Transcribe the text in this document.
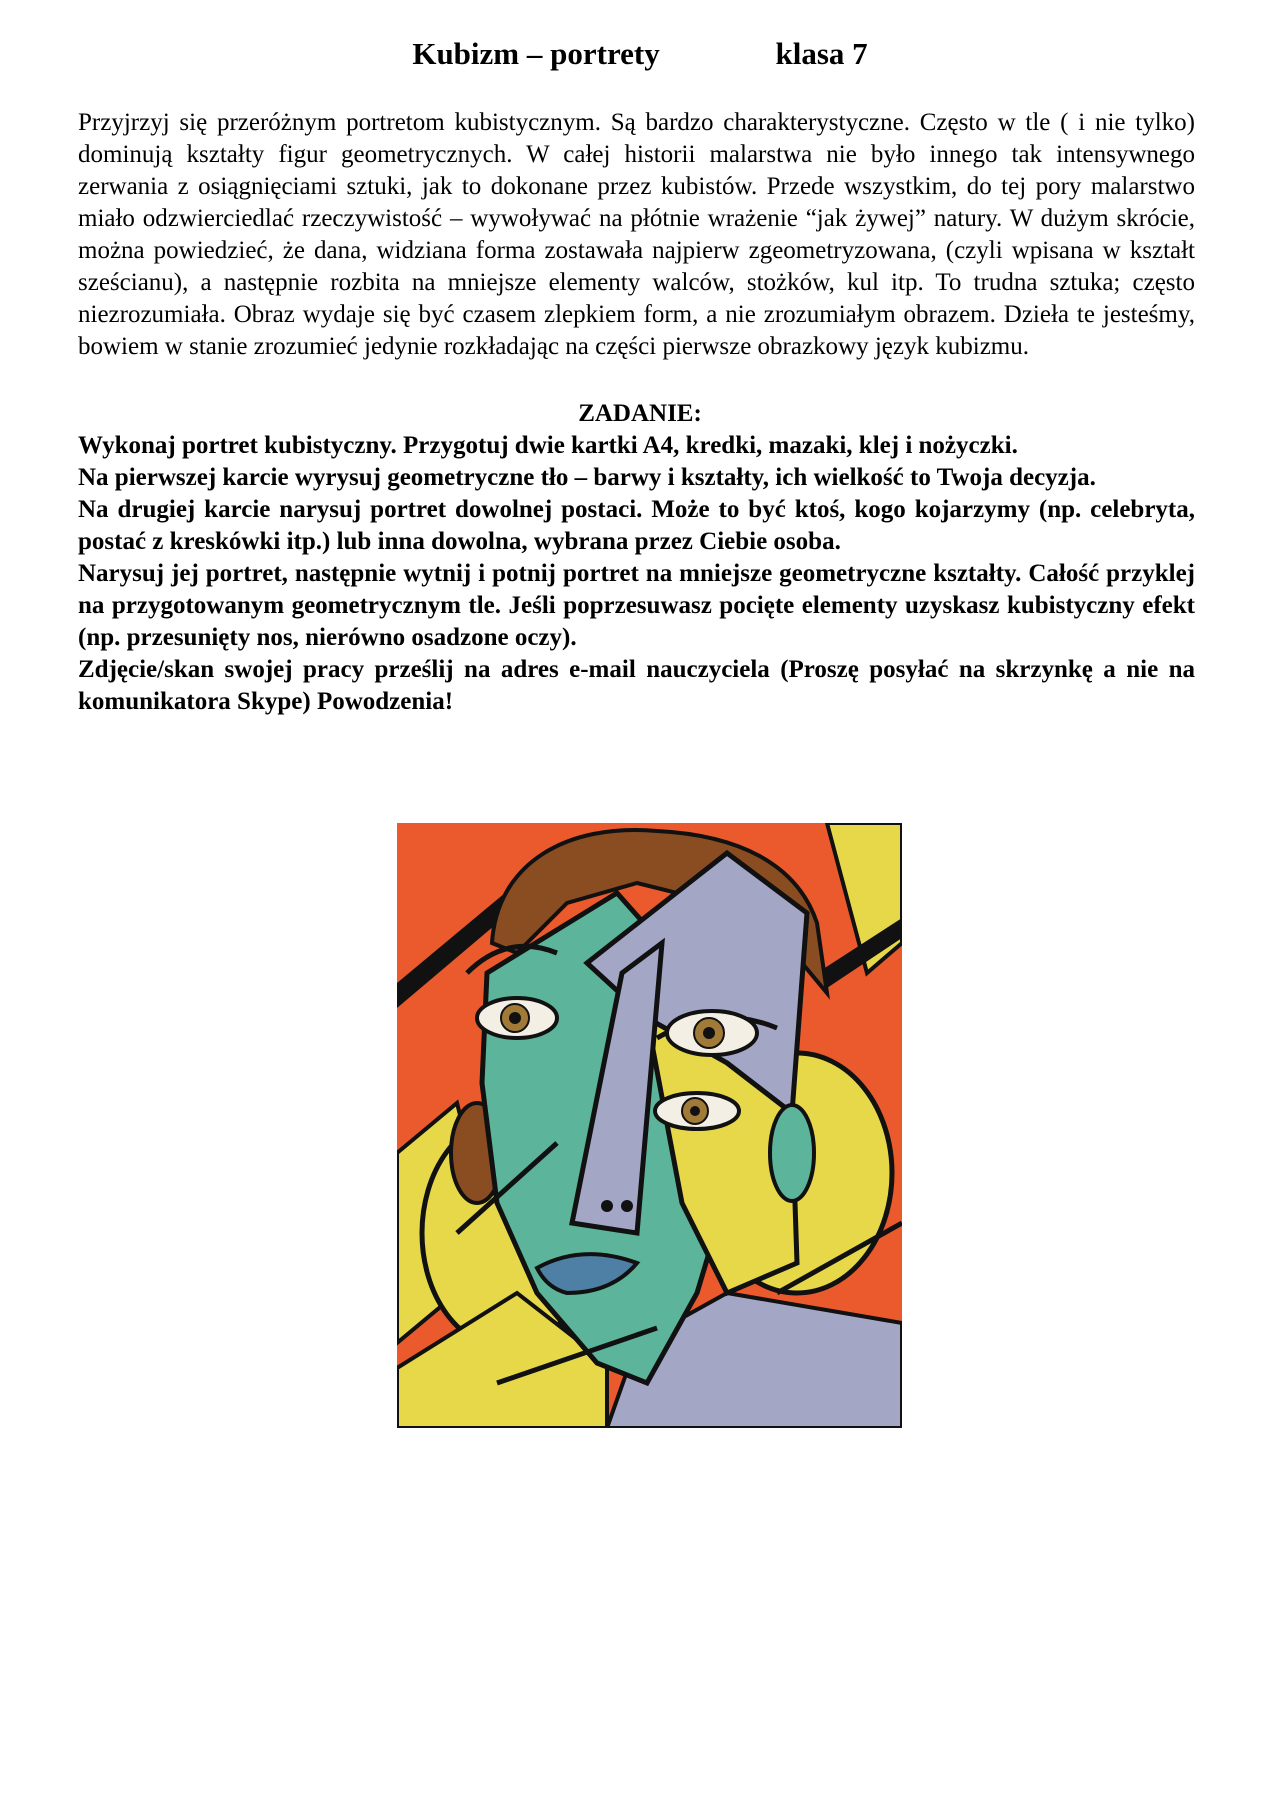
Kubizm – portrety	klasa 7

Przyjrzyj się przeróżnym portretom kubistycznym. Są bardzo charakterystyczne. Często w tle ( i nie tylko) dominują kształty figur geometrycznych. W całej historii malarstwa nie było innego tak intensywnego zerwania z osiągnięciami sztuki, jak to dokonane przez kubistów. Przede wszystkim, do tej pory malarstwo miało odzwierciedlać rzeczywistość – wywoływać na płótnie wrażenie “jak żywej” natury. W dużym skrócie, można powiedzieć, że dana, widziana forma zostawała najpierw zgeometryzowana, (czyli wpisana w kształt sześcianu), a następnie rozbita na mniejsze elementy walców, stożków, kul itp. To trudna sztuka; często niezrozumiała. Obraz wydaje się być czasem zlepkiem form, a nie zrozumiałym obrazem. Dzieła te jesteśmy, bowiem w stanie zrozumieć jedynie rozkładając na części pierwsze obrazkowy język kubizmu.

ZADANIE:

Wykonaj portret kubistyczny. Przygotuj dwie kartki A4, kredki, mazaki, klej i nożyczki.

Na pierwszej karcie wyrysuj geometryczne tło – barwy i kształty, ich wielkość to Twoja decyzja.

Na drugiej karcie narysuj portret dowolnej postaci. Może to być ktoś, kogo kojarzymy (np. celebryta, postać z kreskówki itp.) lub inna dowolna, wybrana przez Ciebie osoba.

Narysuj jej portret, następnie wytnij i potnij portret na mniejsze geometryczne kształty. Całość przyklej na przygotowanym geometrycznym tle. Jeśli poprzesuwasz pocięte elementy uzyskasz kubistyczny efekt (np. przesunięty nos, nierówno osadzone oczy).

Zdjęcie/skan swojej pracy prześlij na adres e-mail nauczyciela (Proszę posyłać na skrzynkę a nie na komunikatora Skype) Powodzenia!
